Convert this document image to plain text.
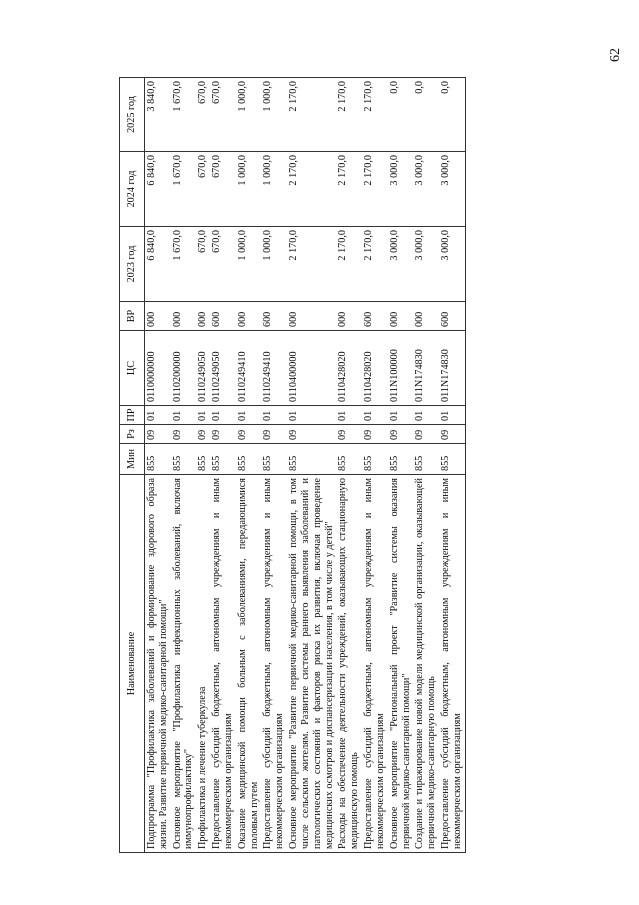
62
Наименование	Мин	Рз	ПР	ЦС	ВР	2023 год	2024 год	2025 год
Подпрограмма "Профилактика заболеваний и формирование здорового образа жизни. Развитие первичной медико-санитарной помощи"	855	09	01	0110000000	000	6 840,0	6 840,0	3 840,0
Основное мероприятие "Профилактика инфекционных заболеваний, включая иммунопрофилактику"	855	09	01	0110200000	000	1 670,0	1 670,0	1 670,0
Профилактика и лечение туберкулеза	855	09	01	0110249050	000	670,0	670,0	670,0
Предоставление субсидий бюджетным, автономным учреждениям и иным некоммерческим организациям	855	09	01	0110249050	600	670,0	670,0	670,0
Оказание медицинской помощи больным с заболеваниями, передающимися половым путем	855	09	01	0110249410	000	1 000,0	1 000,0	1 000,0
Предоставление субсидий бюджетным, автономным учреждениям и иным некоммерческим организациям	855	09	01	0110249410	600	1 000,0	1 000,0	1 000,0
Основное мероприятие "Развитие первичной медико-санитарной помощи, в том числе сельским жителям. Развитие системы раннего выявления заболеваний и патологических состояний и факторов риска их развития, включая проведение медицинских осмотров и диспансеризации населения, в том числе у детей"	855	09	01	0110400000	000	2 170,0	2 170,0	2 170,0
Расходы на обеспечение деятельности учреждений, оказывающих стационарную медицинскую помощь	855	09	01	0110428020	000	2 170,0	2 170,0	2 170,0
Предоставление субсидий бюджетным, автономным учреждениям и иным некоммерческим организациям	855	09	01	0110428020	600	2 170,0	2 170,0	2 170,0
Основное мероприятие "Региональный проект "Развитие системы оказания первичной медико-санитарной помощи"	855	09	01	011N100000	000	3 000,0	3 000,0	0,0
Создание и тиражирование новой модели медицинской организации, оказывающей первичной медико-санитарную помощь	855	09	01	011N174830	000	3 000,0	3 000,0	0,0
Предоставление субсидий бюджетным, автономным учреждениям и иным некоммерческим организациям	855	09	01	011N174830	600	3 000,0	3 000,0	0,0
